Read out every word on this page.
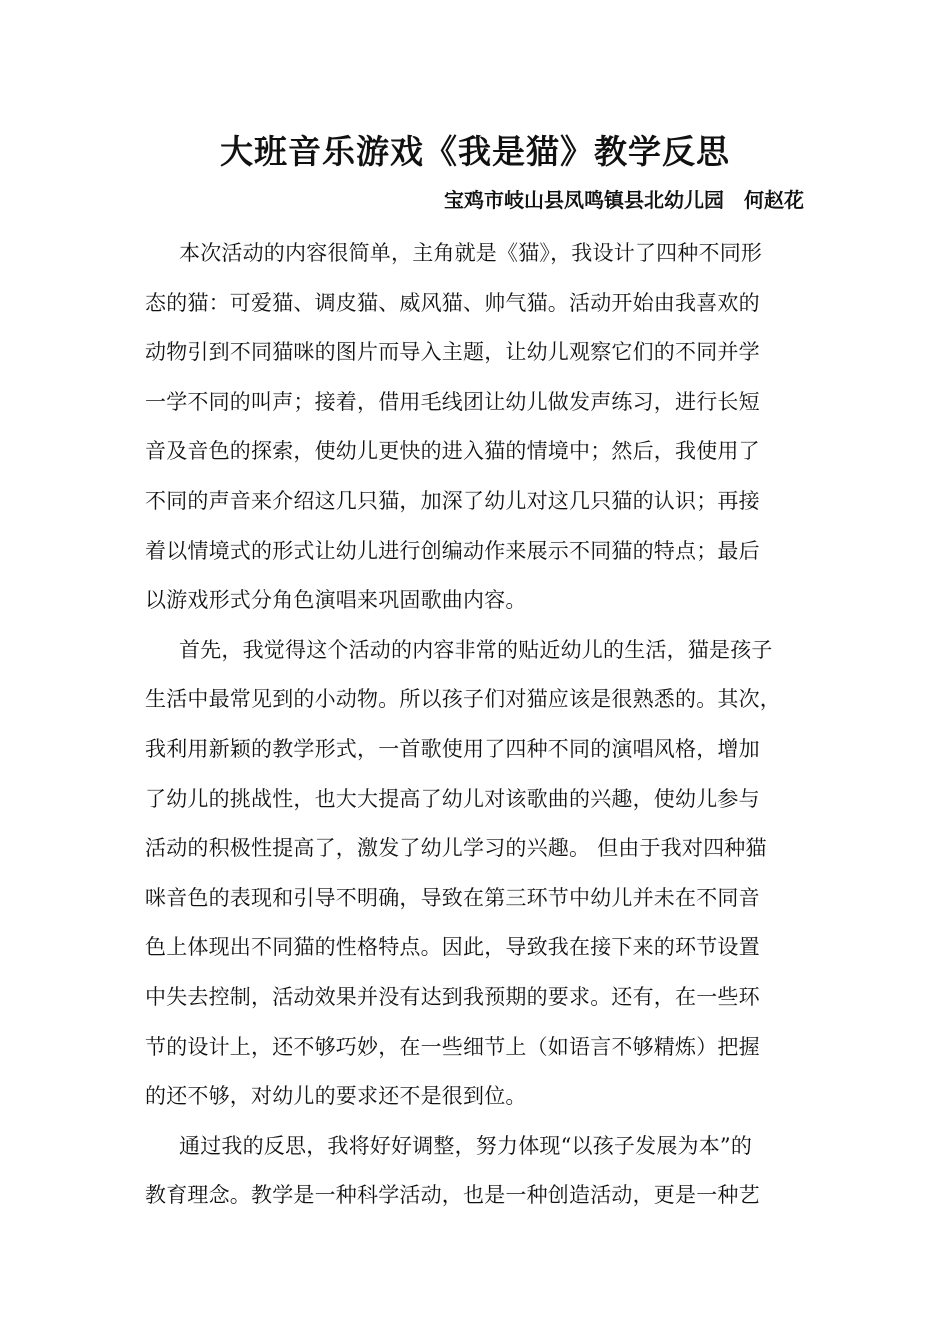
大班音乐游戏《我是猫》教学反思
宝鸡市岐山县凤鸣镇县北幼儿园　何赵花
本次活动的内容很简单，主角就是《猫》，我设计了四种不同形
态的猫：可爱猫、调皮猫、威风猫、帅气猫。活动开始由我喜欢的
动物引到不同猫咪的图片而导入主题，让幼儿观察它们的不同并学
一学不同的叫声；接着，借用毛线团让幼儿做发声练习，进行长短
音及音色的探索，使幼儿更快的进入猫的情境中；然后，我使用了
不同的声音来介绍这几只猫，加深了幼儿对这几只猫的认识；再接
着以情境式的形式让幼儿进行创编动作来展示不同猫的特点；最后
以游戏形式分角色演唱来巩固歌曲内容。
首先，我觉得这个活动的内容非常的贴近幼儿的生活，猫是孩子
生活中最常见到的小动物。所以孩子们对猫应该是很熟悉的。其次，
我利用新颖的教学形式，一首歌使用了四种不同的演唱风格，增加
了幼儿的挑战性，也大大提高了幼儿对该歌曲的兴趣，使幼儿参与
活动的积极性提高了，激发了幼儿学习的兴趣。 但由于我对四种猫
咪音色的表现和引导不明确，导致在第三环节中幼儿并未在不同音
色上体现出不同猫的性格特点。因此，导致我在接下来的环节设置
中失去控制，活动效果并没有达到我预期的要求。还有，在一些环
节的设计上，还不够巧妙，在一些细节上（如语言不够精炼）把握
的还不够，对幼儿的要求还不是很到位。
通过我的反思，我将好好调整，努力体现“以孩子发展为本”的
教育理念。教学是一种科学活动，也是一种创造活动，更是一种艺
